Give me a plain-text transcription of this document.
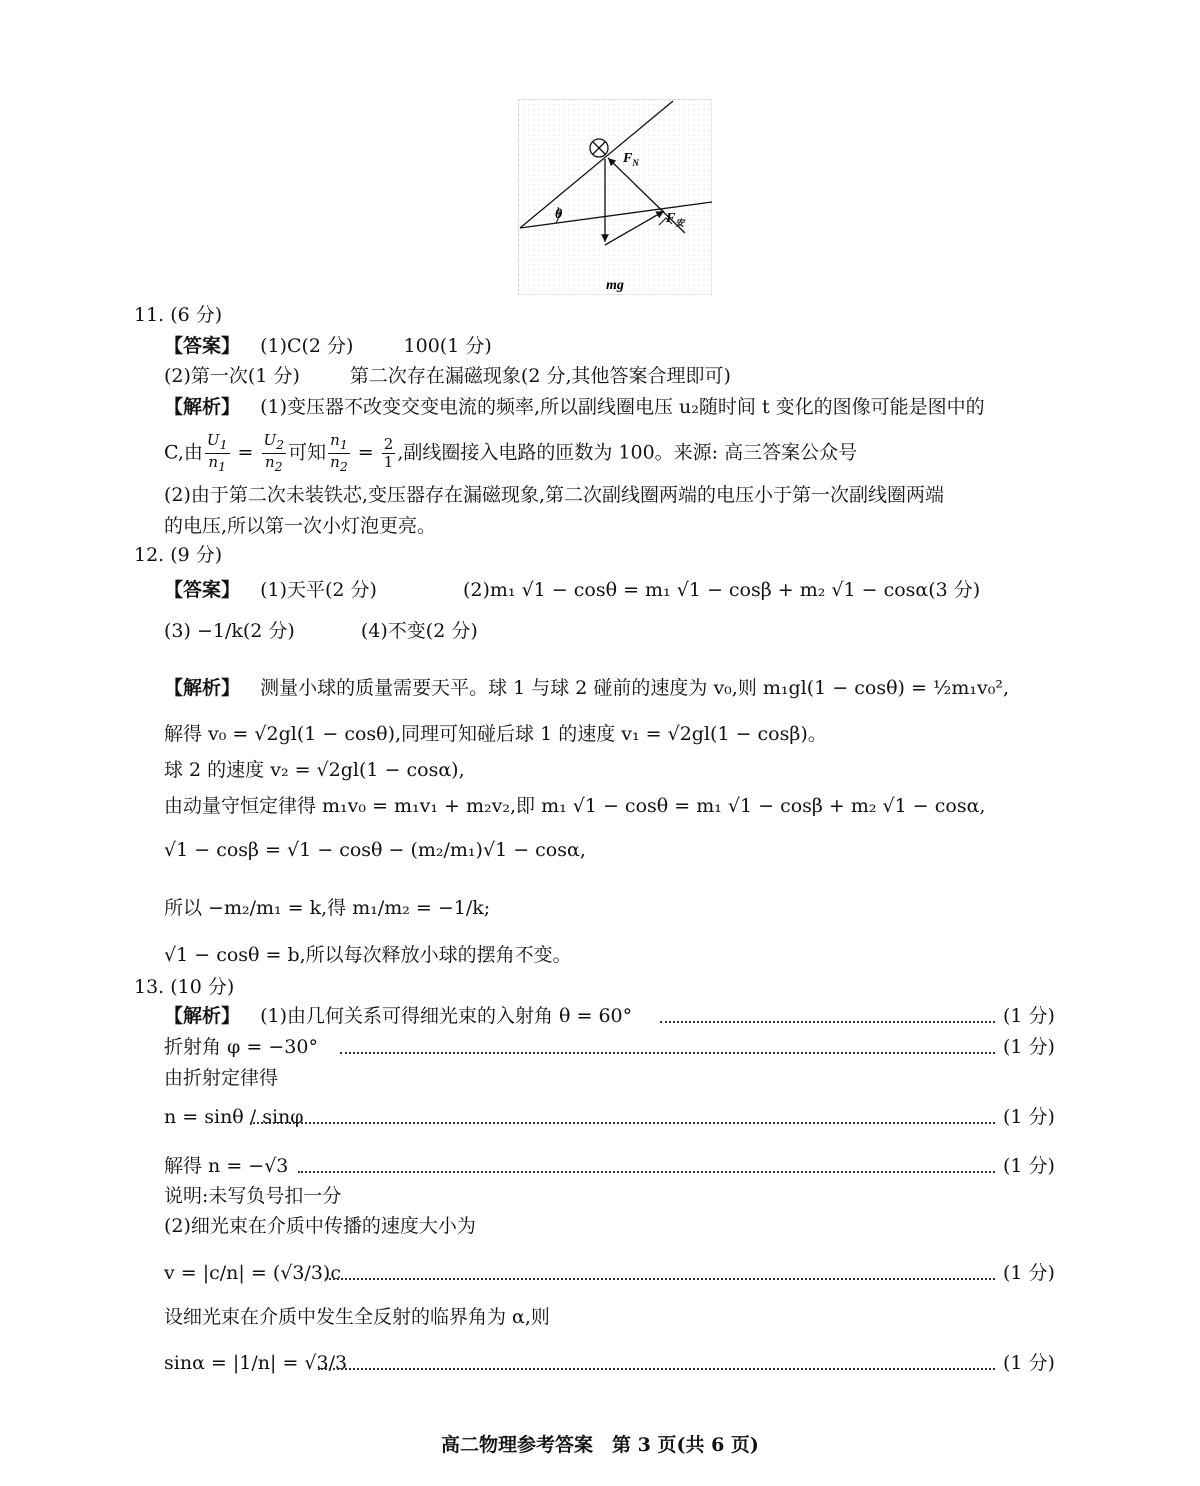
$F_N$
θ	$F_安$
mg
11. (6 分)
【答案】 (1)C(2 分)	100(1 分)
(2)第一次(1 分)	第二次存在漏磁现象(2 分,其他答案合理即可)
【解析】 (1)变压器不改变交变电流的频率,所以副线圈电压 u₂随时间 t 变化的图像可能是图中的
C,由 $\frac{U_1}{n_1} = \frac{U_2}{n_2}$ 可知 $\frac{n_1}{n_2} = \frac{2}{1}$ ,副线圈接入电路的匝数为 100。来源: 高三答案公众号
(2)由于第二次未装铁芯,变压器存在漏磁现象,第二次副线圈两端的电压小于第一次副线圈两端
的电压,所以第一次小灯泡更亮。
12. (9 分)
【答案】 (1)天平(2 分)	(2)m₁ √1 − cosθ = m₁ √1 − cosβ + m₂ √1 − cosα(3 分)
(3) −1/k(2 分)	(4)不变(2 分)
【解析】 测量小球的质量需要天平。球 1 与球 2 碰前的速度为 v₀,则 m₁gl(1 − cosθ) = ½m₁v₀²,
解得 v₀ = √2gl(1 − cosθ),同理可知碰后球 1 的速度 v₁ = √2gl(1 − cosβ)。
球 2 的速度 v₂ = √2gl(1 − cosα),
由动量守恒定律得 m₁v₀ = m₁v₁ + m₂v₂,即 m₁ √1 − cosθ = m₁ √1 − cosβ + m₂ √1 − cosα,
√1 − cosβ = √1 − cosθ − (m₂/m₁)√1 − cosα,
所以 −m₂/m₁ = k,得 m₁/m₂ = −1/k;
√1 − cosθ = b,所以每次释放小球的摆角不变。
13. (10 分)
【解析】 (1)由几何关系可得细光束的入射角 θ = 60°	(1 分)
折射角 φ = −30°	(1 分)
由折射定律得
n = sinθ / sinφ	(1 分)
解得 n = −√3	(1 分)
说明:未写负号扣一分
(2)细光束在介质中传播的速度大小为
v = |c/n| = (√3/3)c	(1 分)
设细光束在介质中发生全反射的临界角为 α,则
sinα = |1/n| = √3/3	(1 分)
高二物理参考答案　第 3 页(共 6 页)
